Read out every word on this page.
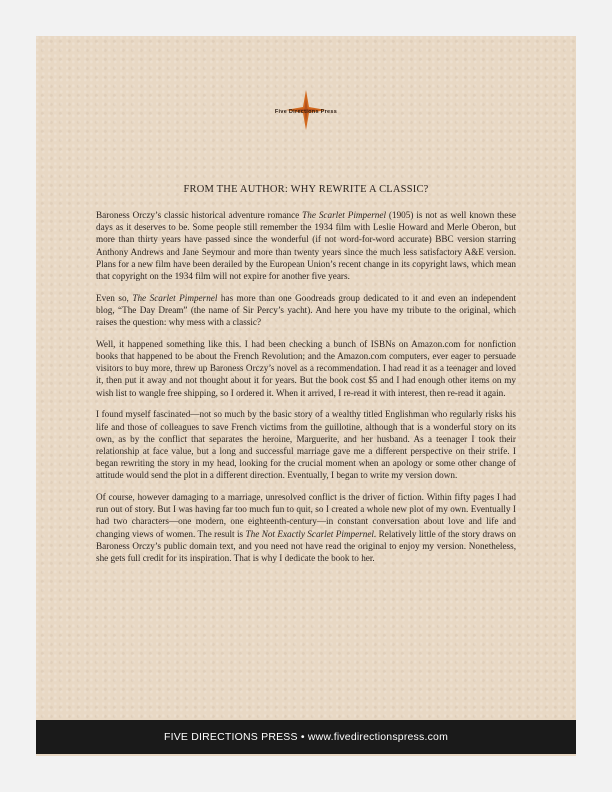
Five Directions Press
FROM THE AUTHOR: WHY REWRITE A CLASSIC?

Baroness Orczy’s classic historical adventure romance The Scarlet Pimpernel (1905) is not as well known these days as it deserves to be. Some people still remember the 1934 film with Leslie Howard and Merle Oberon, but more than thirty years have passed since the wonderful (if not word-for-word accurate) BBC version starring Anthony Andrews and Jane Seymour and more than twenty years since the much less satisfactory A&E version. Plans for a new film have been derailed by the European Union’s recent change in its copyright laws, which mean that copyright on the 1934 film will not expire for another five years.

Even so, The Scarlet Pimpernel has more than one Goodreads group dedicated to it and even an independent blog, “The Day Dream” (the name of Sir Percy’s yacht). And here you have my tribute to the original, which raises the question: why mess with a classic?

Well, it happened something like this. I had been checking a bunch of ISBNs on Amazon.com for nonfiction books that happened to be about the French Revolution; and the Amazon.com computers, ever eager to persuade visitors to buy more, threw up Baroness Orczy’s novel as a recommendation. I had read it as a teenager and loved it, then put it away and not thought about it for years. But the book cost $5 and I had enough other items on my wish list to wangle free shipping, so I ordered it. When it arrived, I re-read it with interest, then re-read it again.

I found myself fascinated—not so much by the basic story of a wealthy titled Englishman who regularly risks his life and those of colleagues to save French victims from the guillotine, although that is a wonderful story on its own, as by the conflict that separates the heroine, Marguerite, and her husband. As a teenager I took their relationship at face value, but a long and successful marriage gave me a different perspective on their strife. I began rewriting the story in my head, looking for the crucial moment when an apology or some other change of attitude would send the plot in a different direction. Eventually, I began to write my version down.

Of course, however damaging to a marriage, unresolved conflict is the driver of fiction. Within fifty pages I had run out of story. But I was having far too much fun to quit, so I created a whole new plot of my own. Eventually I had two characters—one modern, one eighteenth-century—in constant conversation about love and life and changing views of women. The result is The Not Exactly Scarlet Pimpernel. Relatively little of the story draws on Baroness Orczy’s public domain text, and you need not have read the original to enjoy my version. Nonetheless, she gets full credit for its inspiration. That is why I dedicate the book to her.

FIVE DIRECTIONS PRESS • www.fivedirectionspress.com
